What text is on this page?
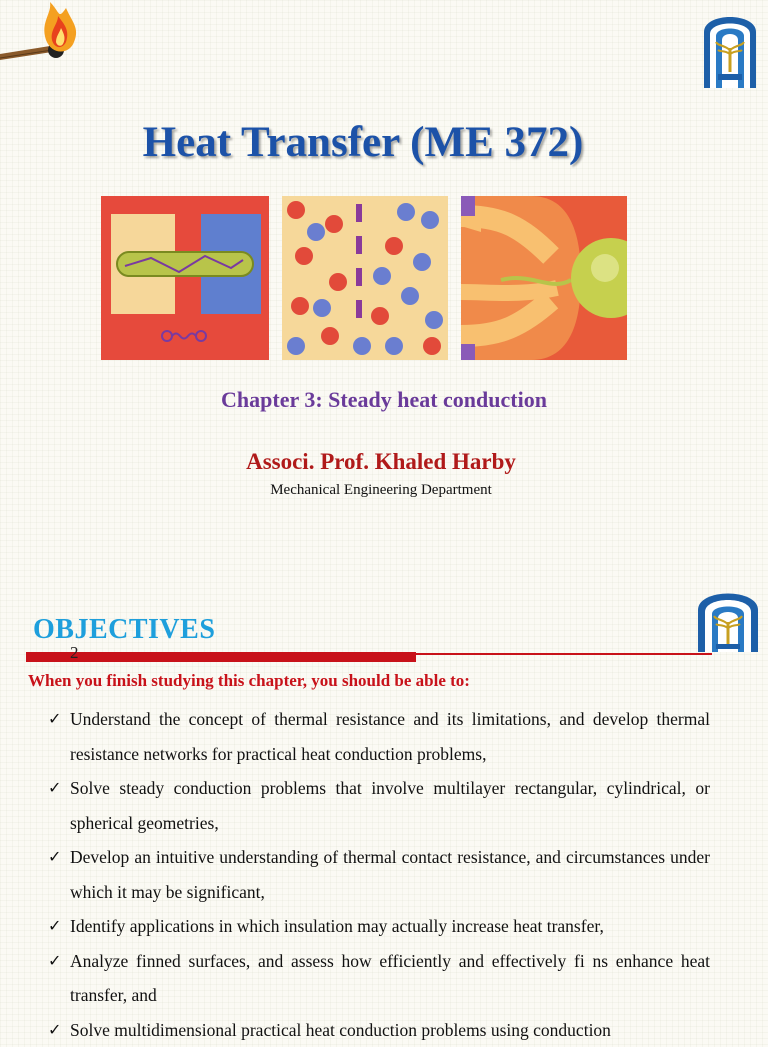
Heat Transfer (ME 372)
Chapter 3: Steady heat conduction
Associ. Prof. Khaled Harby
Mechanical Engineering Department
OBJECTIVES
2
When you finish studying this chapter, you should be able to:
✓ Understand the concept of thermal resistance and its limitations, and develop thermal resistance networks for practical heat conduction problems,
✓ Solve steady conduction problems that involve multilayer rectangular, cylindrical, or spherical geometries,
✓ Develop an intuitive understanding of thermal contact resistance, and circumstances under which it may be significant,
✓ Identify applications in which insulation may actually increase heat transfer,
✓ Analyze finned surfaces, and assess how efficiently and effectively fi ns enhance heat transfer, and
✓ Solve multidimensional practical heat conduction problems using conduction
